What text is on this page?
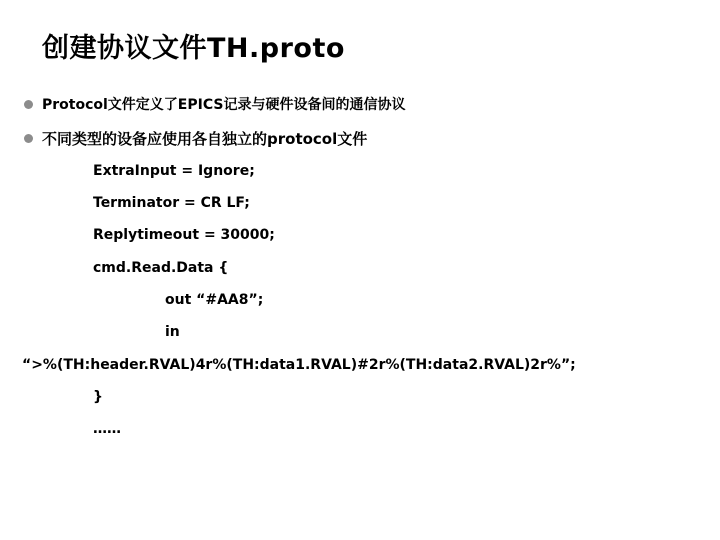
创建协议文件TH.proto
Protocol文件定义了EPICS记录与硬件设备间的通信协议
不同类型的设备应使用各自独立的protocol文件
ExtraInput = Ignore;
Terminator = CR LF;
Replytimeout = 30000;
cmd.Read.Data {
out “#AA8”;
in
“>%(TH:header.RVAL)4r%(TH:data1.RVAL)#2r%(TH:data2.RVAL)2r%”;
}
……
